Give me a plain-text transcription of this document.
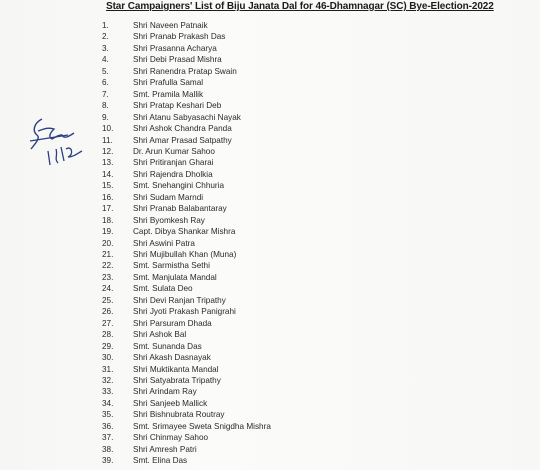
Star Campaigners' List of Biju Janata Dal for 46-Dhamnagar (SC) Bye-Election-2022
1.	Shri Naveen Patnaik
2.	Shri Pranab Prakash Das
3.	Shri Prasanna Acharya
4.	Shri Debi Prasad Mishra
5.	Shri Ranendra Pratap Swain
6.	Shri Prafulla Samal
7.	Smt. Pramila Mallik
8.	Shri Pratap Keshari Deb
9.	Shri Atanu Sabyasachi Nayak
10.	Shri Ashok Chandra Panda
11.	Shri Amar Prasad Satpathy
12.	Dr. Arun Kumar Sahoo
13.	Shri Pritiranjan Gharai
14.	Shri Rajendra Dholkia
15.	Smt. Snehangini Chhuria
16.	Shri Sudam Marndi
17.	Shri Pranab Balabantaray
18.	Shri Byomkesh Ray
19.	Capt. Dibya Shankar Mishra
20.	Shri Aswini Patra
21.	Shri Mujibullah Khan (Muna)
22.	Smt. Sarmistha Sethi
23.	Smt. Manjulata Mandal
24.	Smt. Sulata Deo
25.	Shri Devi Ranjan Tripathy
26.	Shri Jyoti Prakash Panigrahi
27.	Shri Parsuram Dhada
28.	Shri Ashok Bal
29.	Smt. Sunanda Das
30.	Shri Akash Dasnayak
31.	Shri Muktikanta Mandal
32.	Shri Satyabrata Tripathy
33.	Shri Arindam Ray
34.	Shri Sanjeeb Mallick
35.	Shri Bishnubrata Routray
36.	Smt. Srimayee Sweta Snigdha Mishra
37.	Shri Chinmay Sahoo
38.	Shri Amresh Patri
39.	Smt. Elina Das
